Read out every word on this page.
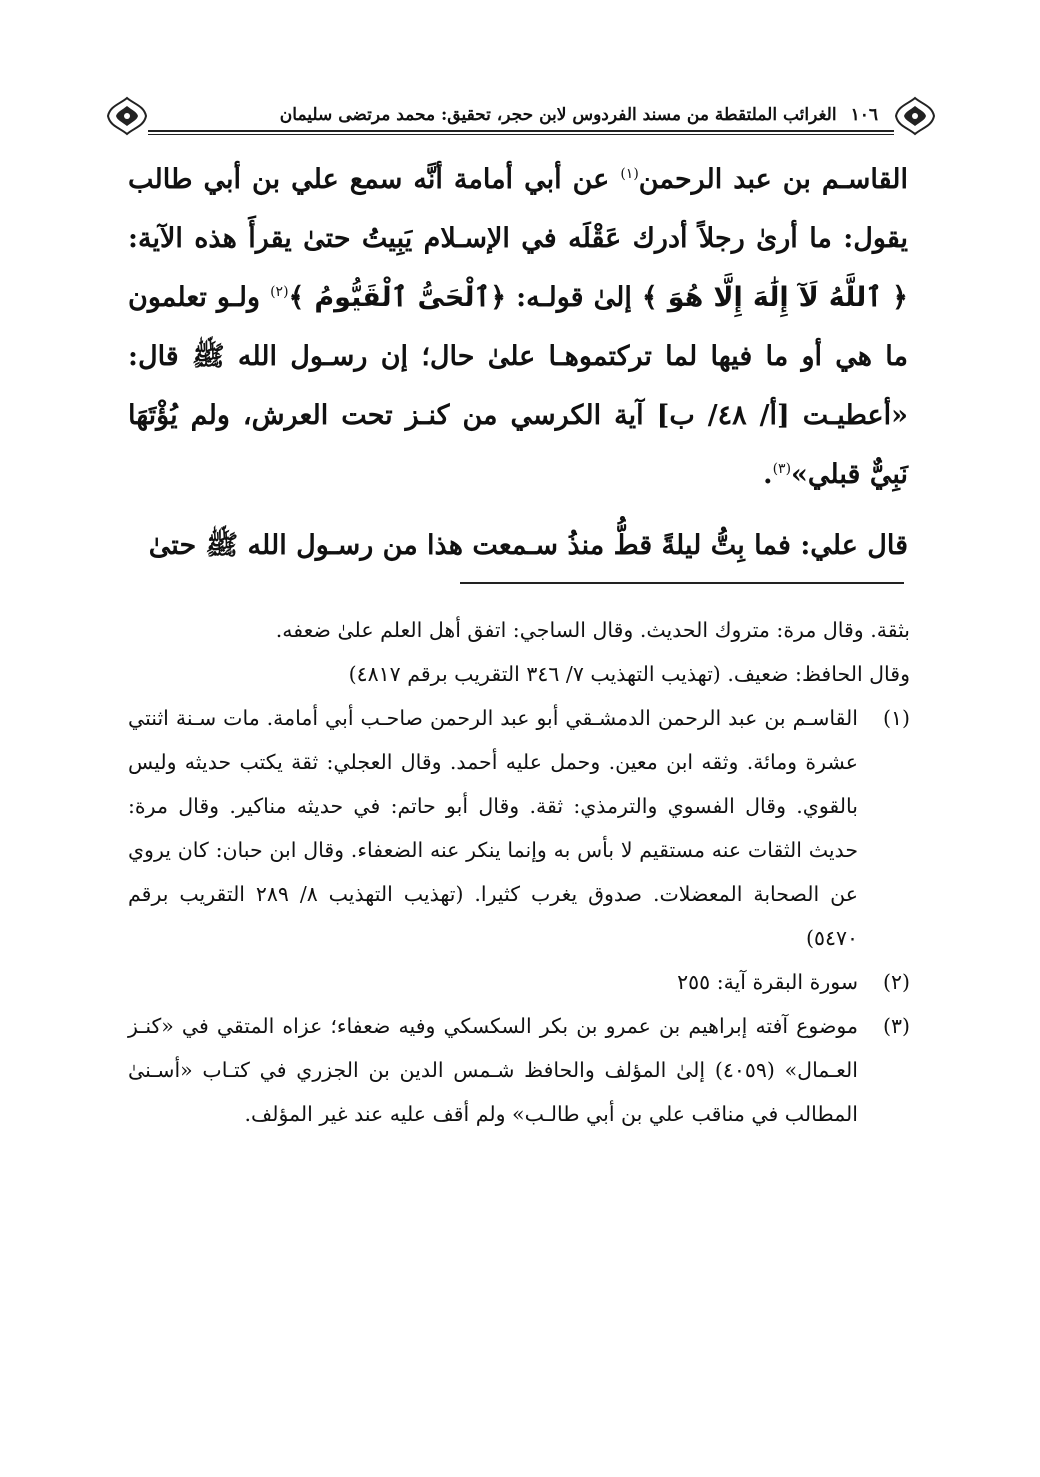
١٠٦الغرائب الملتقطة من مسند الفردوس لابن حجر، تحقيق: محمد مرتضى سليمان

القاسـم بن عبد الرحمن$^{(١)}$ عن أبي أمامة أنَّه سمع علي بن أبي طالب يقول: ما أرىٰ رجلاً أدرك عَقْلَه في الإسـلام يَبِيتُ حتىٰ يقرأَ هذه الآية: ﴿ ٱللَّهُ لَآ إِلَٰهَ إِلَّا هُوَ ﴾ إلىٰ قولـه: ﴿ٱلْحَىُّ ٱلْقَيُّومُ ﴾$^{(٢)}$ ولـو تعلمون ما هي أو ما فيها لما تركتموهـا علىٰ حال؛ إن رسـول الله ﷺ قال: «أعطيـت [أ/ ٤٨/ ب] آية الكرسي من كنـز تحت العرش، ولم يُؤْتَهَا نَبِيٌّ قبلي»$^{(٣)}$.

قال علي: فما بِتُّ ليلةً قطُّ منذُ سـمعت هذا من رسـول الله ﷺ حتىٰ

بثقة. وقال مرة: متروك الحديث. وقال الساجي: اتفق أهل العلم علىٰ ضعفه.

وقال الحافظ: ضعيف. (تهذيب التهذيب ٧/ ٣٤٦ التقريب برقم ٤٨١٧)

(١)
القاسـم بن عبد الرحمن الدمشـقي أبو عبد الرحمن صاحـب أبي أمامة. مات سـنة اثنتي عشرة ومائة. وثقه ابن معين. وحمل عليه أحمد. وقال العجلي: ثقة يكتب حديثه وليس بالقوي. وقال الفسوي والترمذي: ثقة. وقال أبو حاتم: في حديثه مناكير. وقال مرة: حديث الثقات عنه مستقيم لا بأس به وإنما ينكر عنه الضعفاء. وقال ابن حبان: كان يروي عن الصحابة المعضلات. صدوق يغرب كثيرا. (تهذيب التهذيب ٨/ ٢٨٩ التقريب برقم ٥٤٧٠)
(٢)
سورة البقرة آية: ٢٥٥
(٣)
موضوع آفته إبراهيم بن عمرو بن بكر السكسكي وفيه ضعفاء؛ عزاه المتقي في «كنـز العـمال» (٤٠٥٩) إلىٰ المؤلف والحافظ شـمس الدين بن الجزري في كتـاب «أسـنىٰ المطالب في مناقب علي بن أبي طالـب» ولم أقف عليه عند غير المؤلف.
